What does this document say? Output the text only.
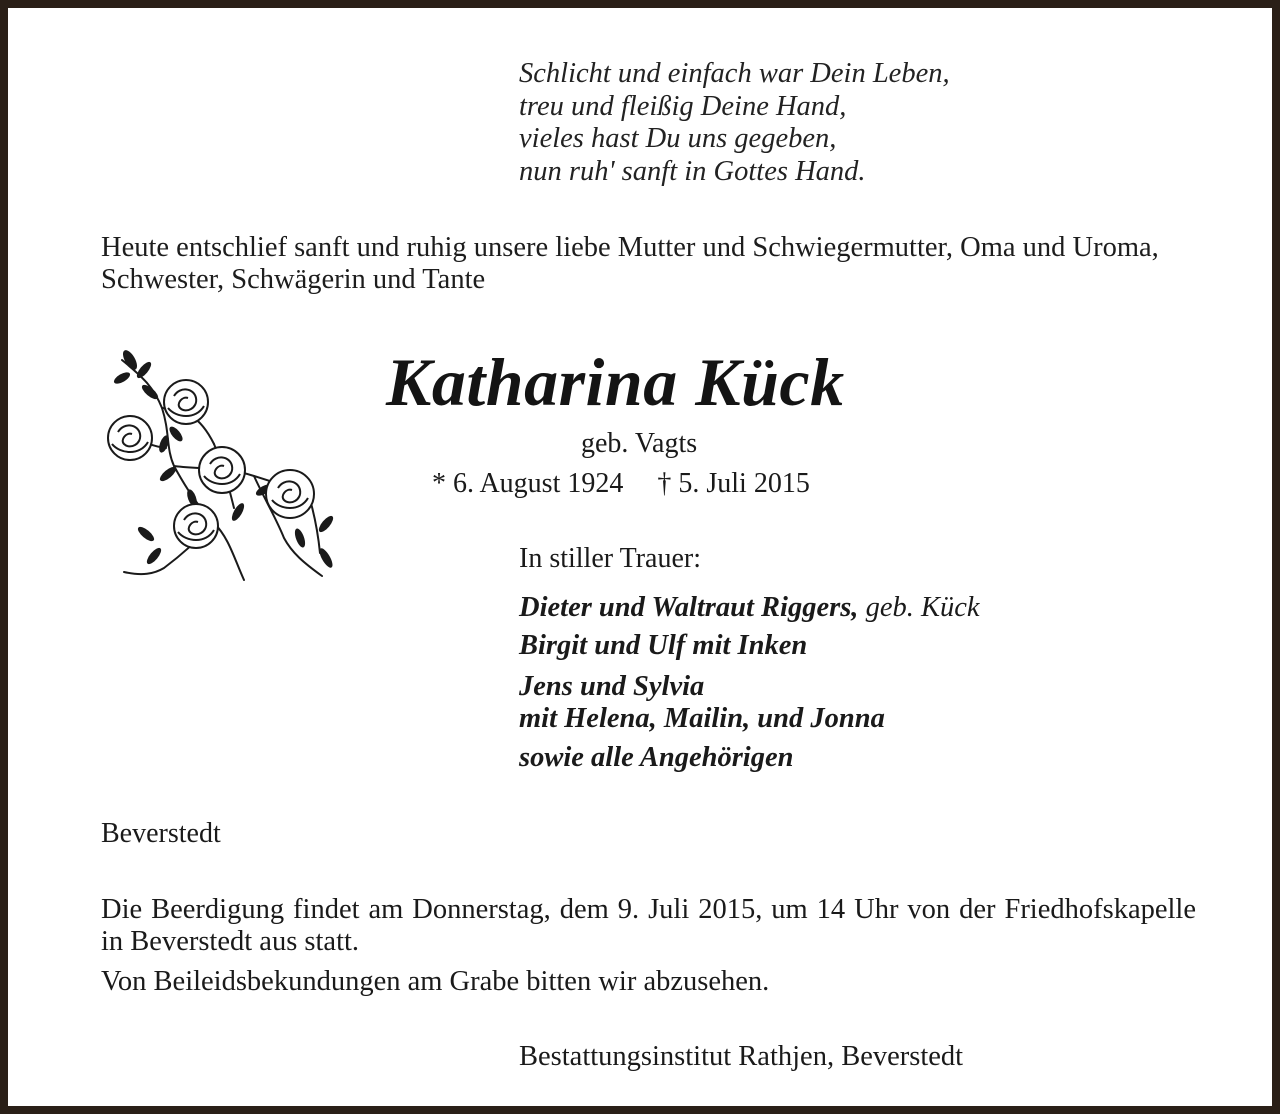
Schlicht und einfach war Dein Leben,
treu und fleißig Deine Hand,
vieles hast Du uns gegeben,
nun ruh' sanft in Gottes Hand.

Heute entschlief sanft und ruhig unsere liebe Mutter und Schwiegermutter, Oma und Uroma, Schwester, Schwägerin und Tante

Katharina Kück
geb. Vagts
* 6. August 1924 † 5. Juli 2015
In stiller Trauer:
Dieter und Waltraut Riggers, geb. Kück
Birgit und Ulf mit Inken
Jens und Sylvia
mit Helena, Mailin, und Jonna
sowie alle Angehörigen
Beverstedt

Die Beerdigung findet am Donnerstag, dem 9. Juli 2015, um 14 Uhr von der Friedhofskapelle in Beverstedt aus statt.

Von Beileidsbekundungen am Grabe bitten wir abzusehen.
Bestattungsinstitut Rathjen, Beverstedt
